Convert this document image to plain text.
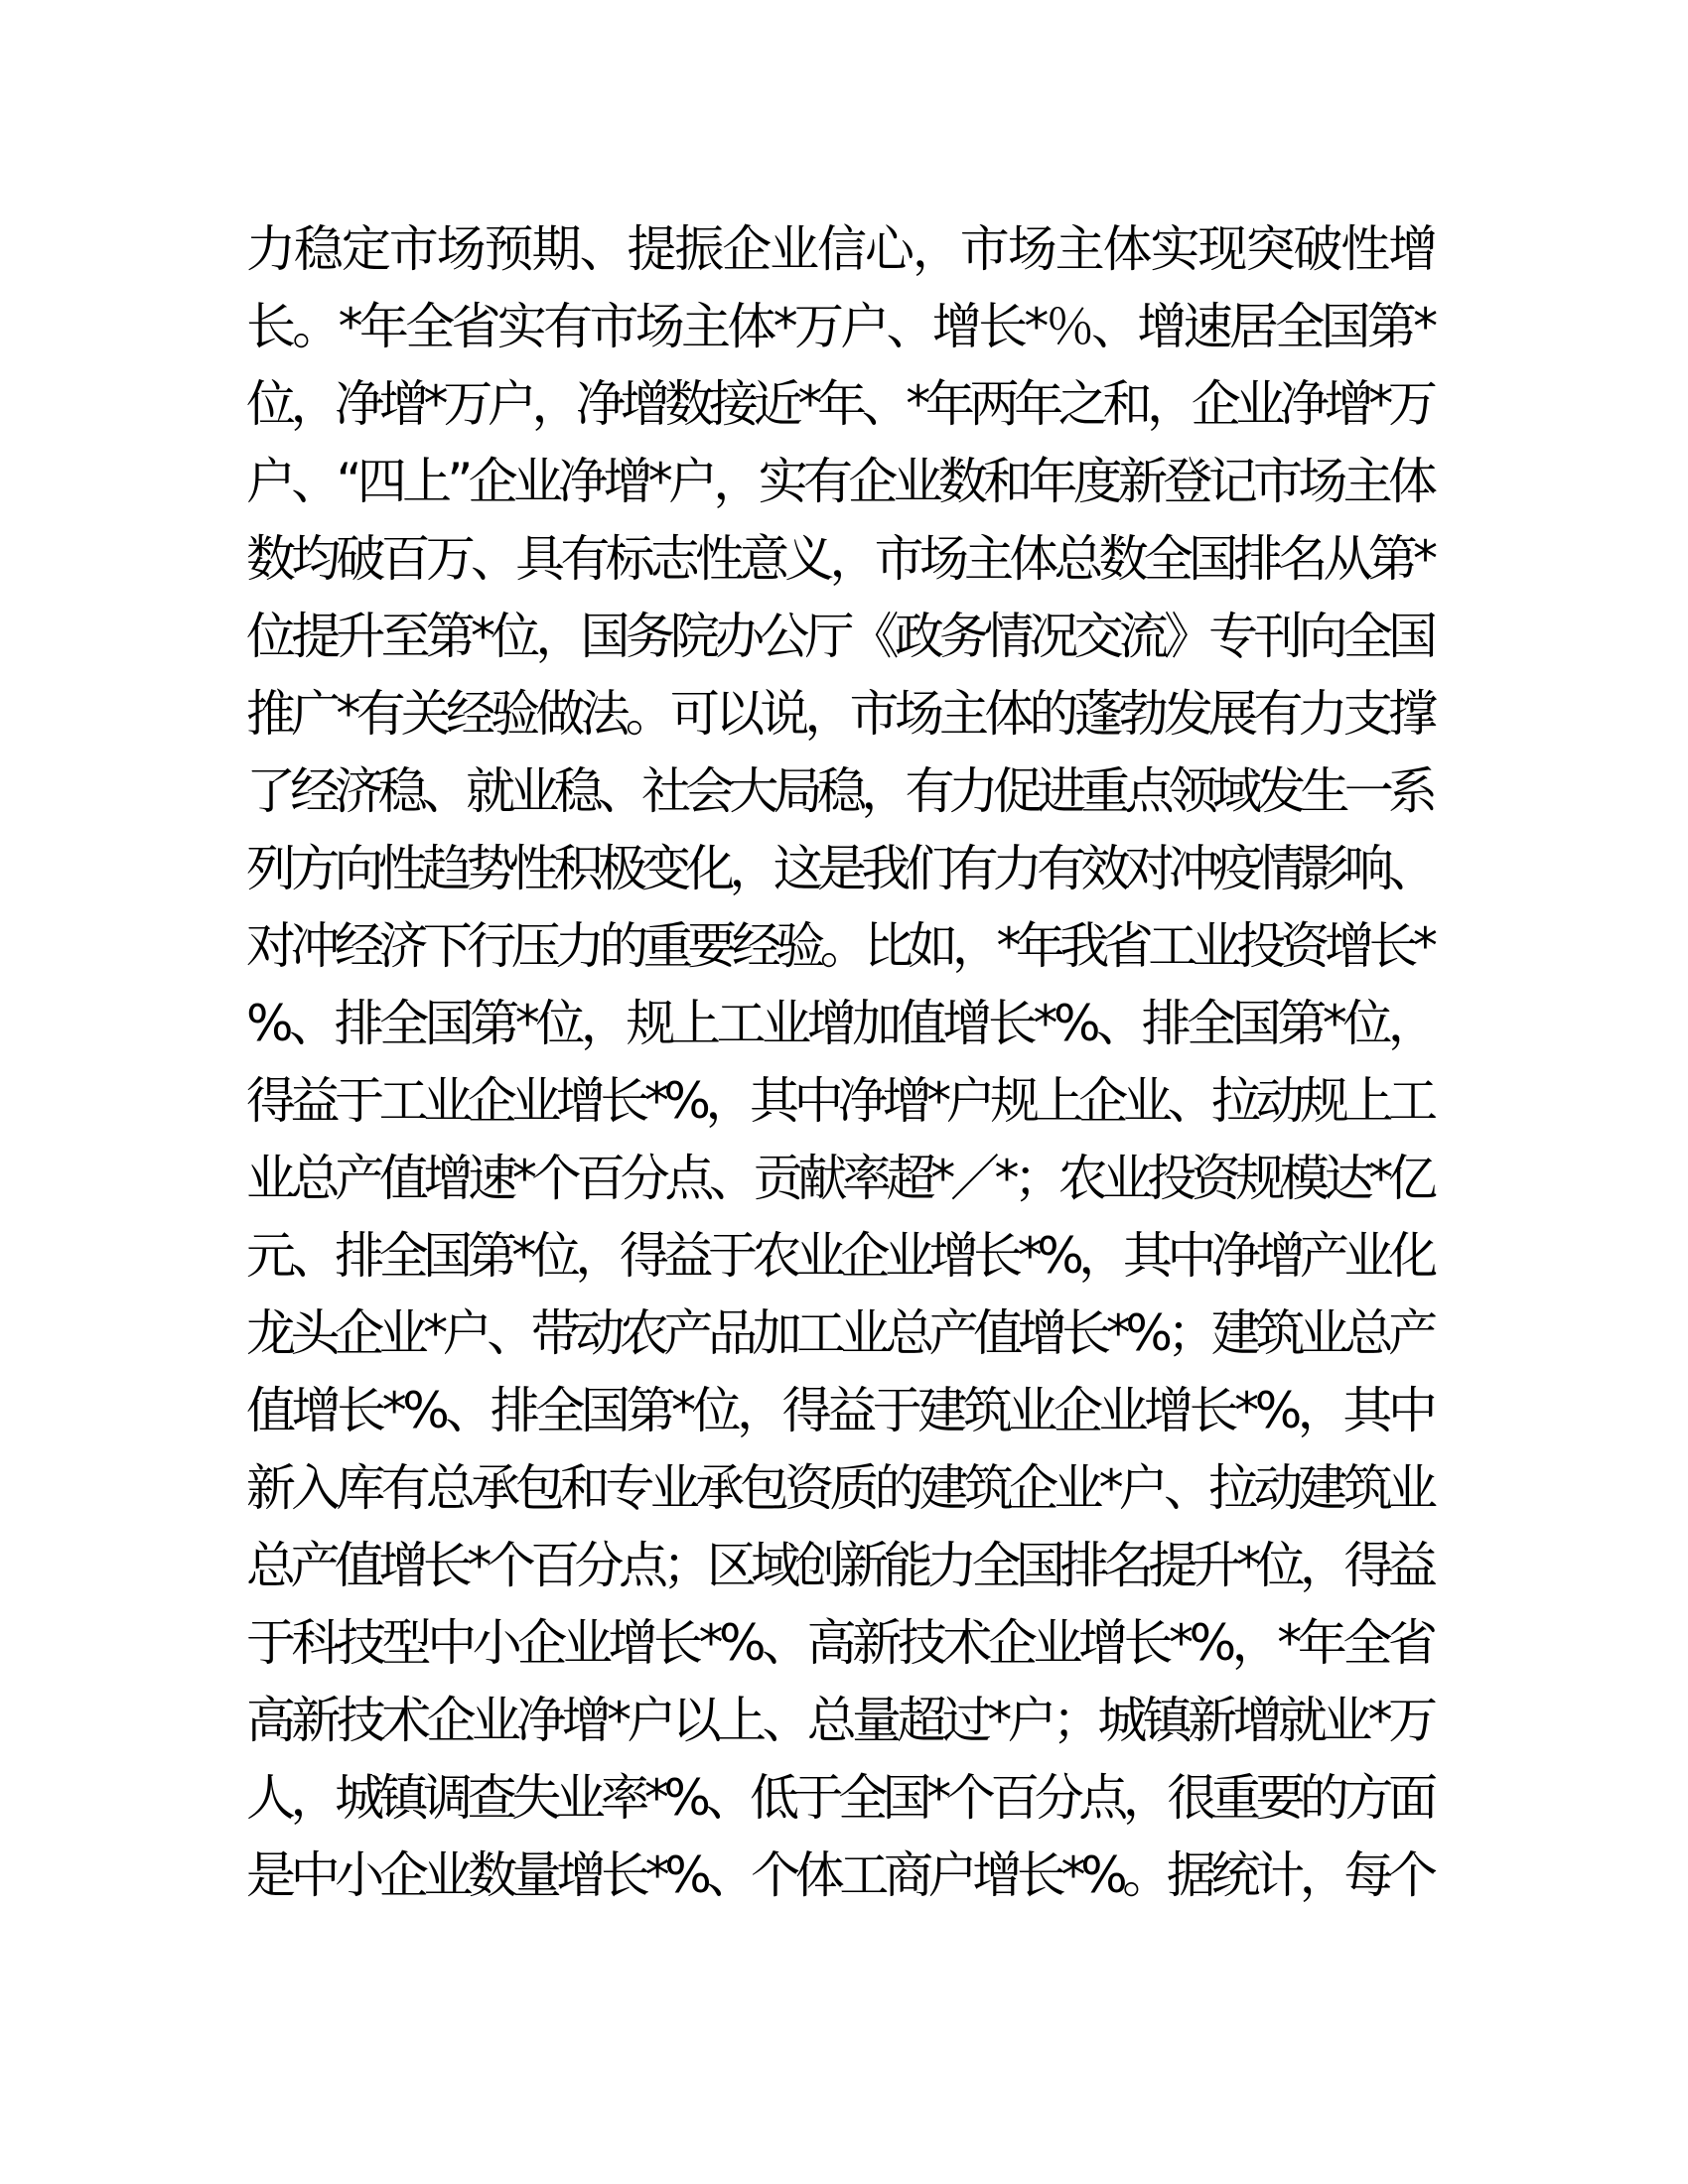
力稳定市场预期、提振企业信心，市场主体实现突破性增
长。*年全省实有市场主体*万户、增长*％、增速居全国第*
位，净增*万户，净增数接近*年、*年两年之和，企业净增*万
户、“四上”企业净增*户，实有企业数和年度新登记市场主体
数均破百万、具有标志性意义，市场主体总数全国排名从第*
位提升至第*位，国务院办公厅《政务情况交流》专刊向全国
推广*有关经验做法。可以说，市场主体的蓬勃发展有力支撑
了经济稳、就业稳、社会大局稳，有力促进重点领域发生一系
列方向性趋势性积极变化，这是我们有力有效对冲疫情影响、
对冲经济下行压力的重要经验。比如，*年我省工业投资增长*
%、排全国第*位，规上工业增加值增长*%、排全国第*位，
得益于工业企业增长*%，其中净增*户规上企业、拉动规上工
业总产值增速*个百分点、贡献率超*／*；农业投资规模达*亿
元、排全国第*位，得益于农业企业增长*%，其中净增产业化
龙头企业*户、带动农产品加工业总产值增长*%；建筑业总产
值增长*%、排全国第*位，得益于建筑业企业增长*%，其中
新入库有总承包和专业承包资质的建筑企业*户、拉动建筑业
总产值增长*个百分点；区域创新能力全国排名提升*位，得益
于科技型中小企业增长*%、高新技术企业增长*%，*年全省
高新技术企业净增*户以上、总量超过*户；城镇新增就业*万
人，城镇调查失业率*%、低于全国*个百分点，很重要的方面
是中小企业数量增长*%、个体工商户增长*%。据统计，每个
